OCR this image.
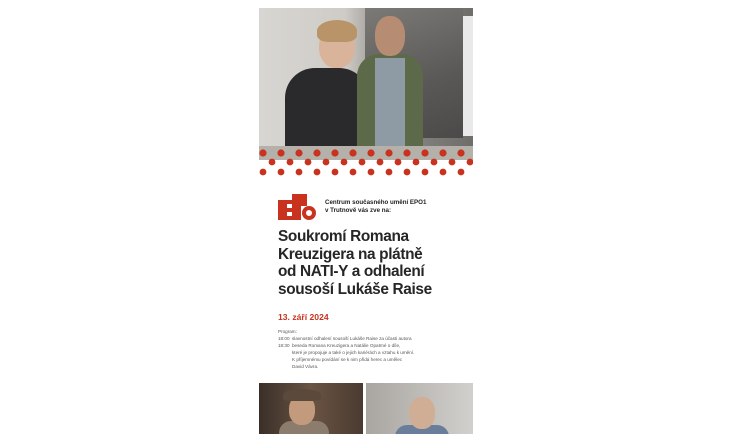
Centrum současného umění EPO1
v Trutnově vás zve na:
Soukromí Romana
Kreuzigera na plátně
od NATI-Y a odhalení
sousoší Lukáše Raise
13. září 2024
Program:
18:00 slavnostní odhalení sousoší Lukáše Raise za účasti autora
18:30 beseda Romana Kreuzigera a Natálie Opatrné o díle,
které je propojuje a také o jejich kariérách a vztahu k umění.
K příjemnému povídání se k nim přidá herec a umělec
David Vávra.
